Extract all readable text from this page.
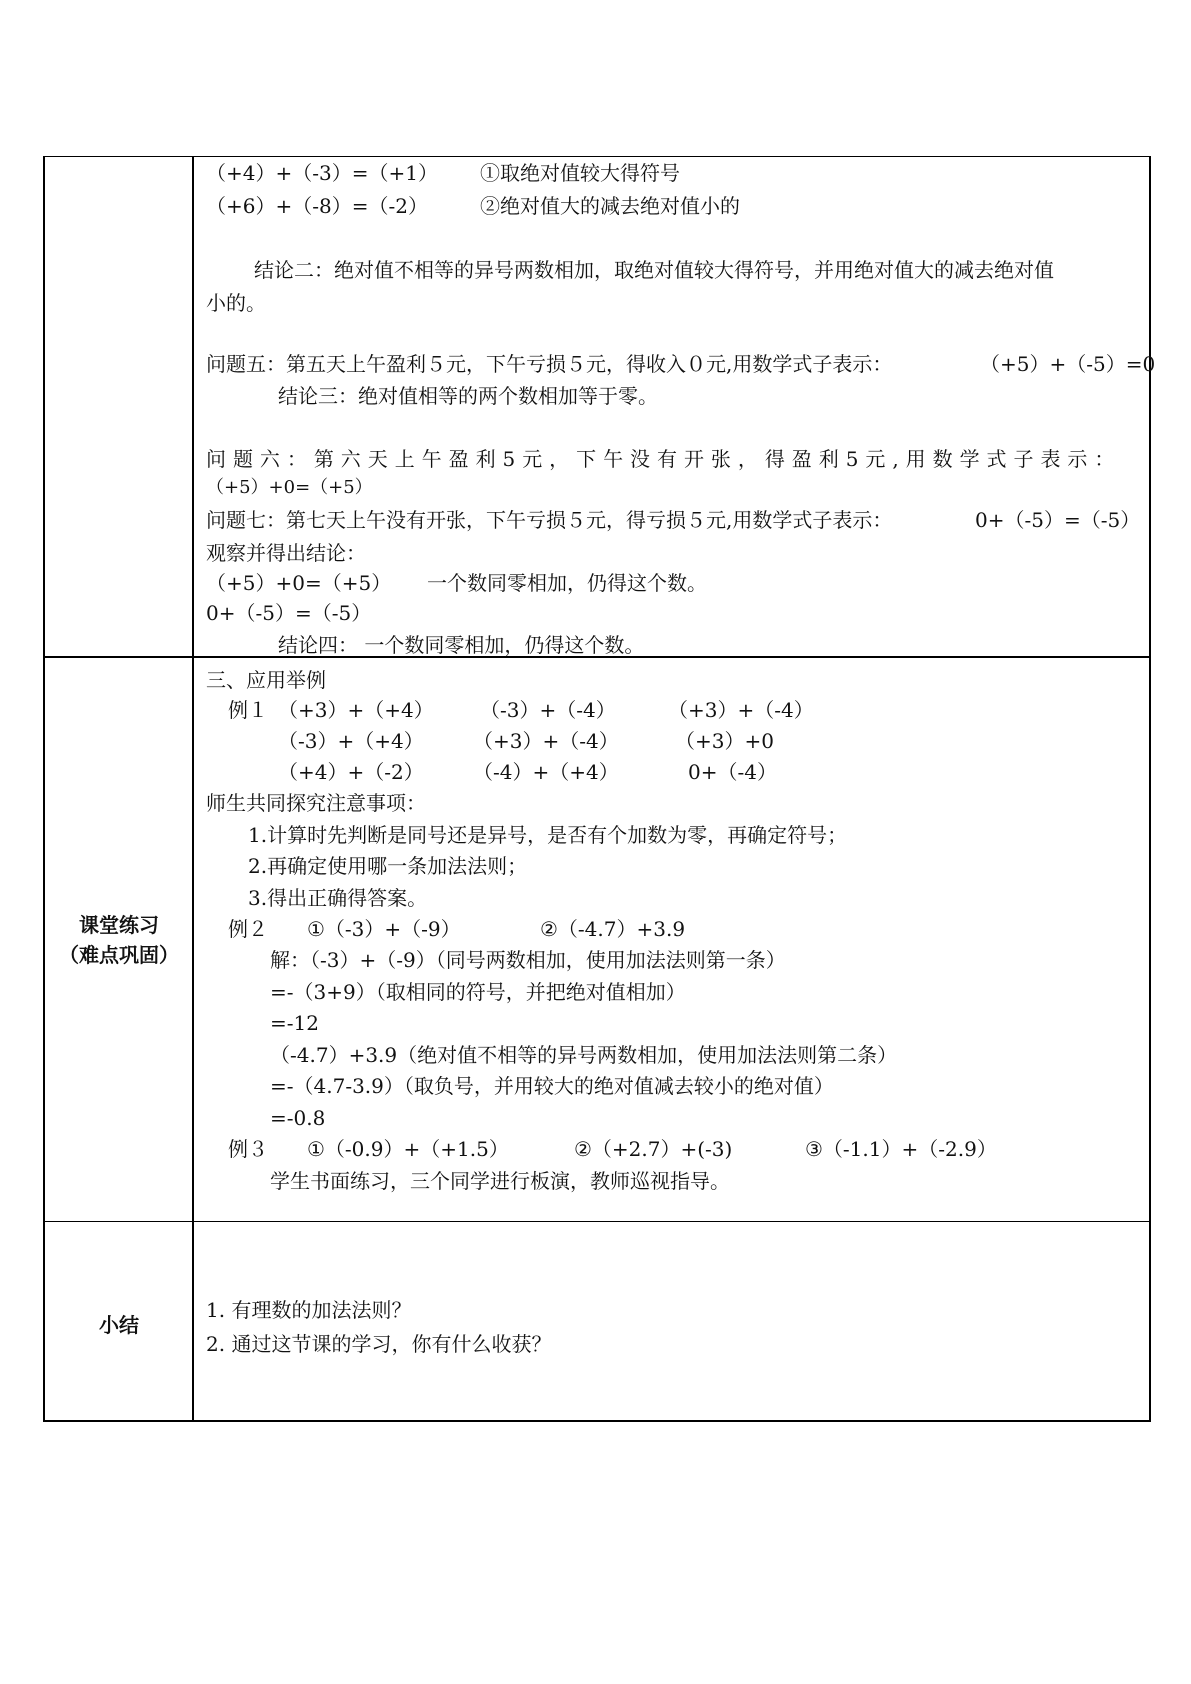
（+4）+（-3）=（+1） ①取绝对值较大得符号
（+6）+（-8）=（-2）	②绝对值大的减去绝对值小的
结论二：绝对值不相等的异号两数相加，取绝对值较大得符号，并用绝对值大的减去绝对值
小的。
问题五：第五天上午盈利５元，下午亏损５元，得收入０元,用数学式子表示：	（+5）+（-5）=0
结论三：绝对值相等的两个数相加等于零。
问 题 六 ： 第 六 天 上 午 盈 利 5 元 ， 下 午 没 有 开 张 ， 得 盈 利 5 元 , 用 数 学 式 子 表 示 ：
（+5）+0=（+5）
问题七：第七天上午没有开张，下午亏损５元，得亏损５元,用数学式子表示：	0+（-5）=（-5）
观察并得出结论：
（+5）+0=（+5） 一个数同零相加，仍得这个数。
0+（-5）=（-5）
结论四： 一个数同零相加，仍得这个数。
课堂练习
（难点巩固）
三、应用举例
例１ （+3）+（+4） （-3）+（-4）	（+3）+（-4）
（-3）+（+4） （+3）+（-4）	（+3）+0
（+4）+（-2） （-4）+（+4）	0+（-4）
师生共同探究注意事项：
1.计算时先判断是同号还是异号，是否有个加数为零，再确定符号；
2.再确定使用哪一条加法法则；
3.得出正确得答案。
例２ ①（-3）+（-9）	②（-4.7）+3.9
解：（-3）+（-9）（同号两数相加，使用加法法则第一条）
=-（3+9）（取相同的符号，并把绝对值相加）
=-12
（-4.7）+3.9（绝对值不相等的异号两数相加，使用加法法则第二条）
=-（4.7-3.9）（取负号，并用较大的绝对值减去较小的绝对值）
=-0.8
例３ ①（-0.9）+（+1.5）	②（+2.7）+(-3)	③（-1.1）+（-2.9）
学生书面练习，三个同学进行板演，教师巡视指导。
小结
1. 有理数的加法法则？
2. 通过这节课的学习，你有什么收获？
